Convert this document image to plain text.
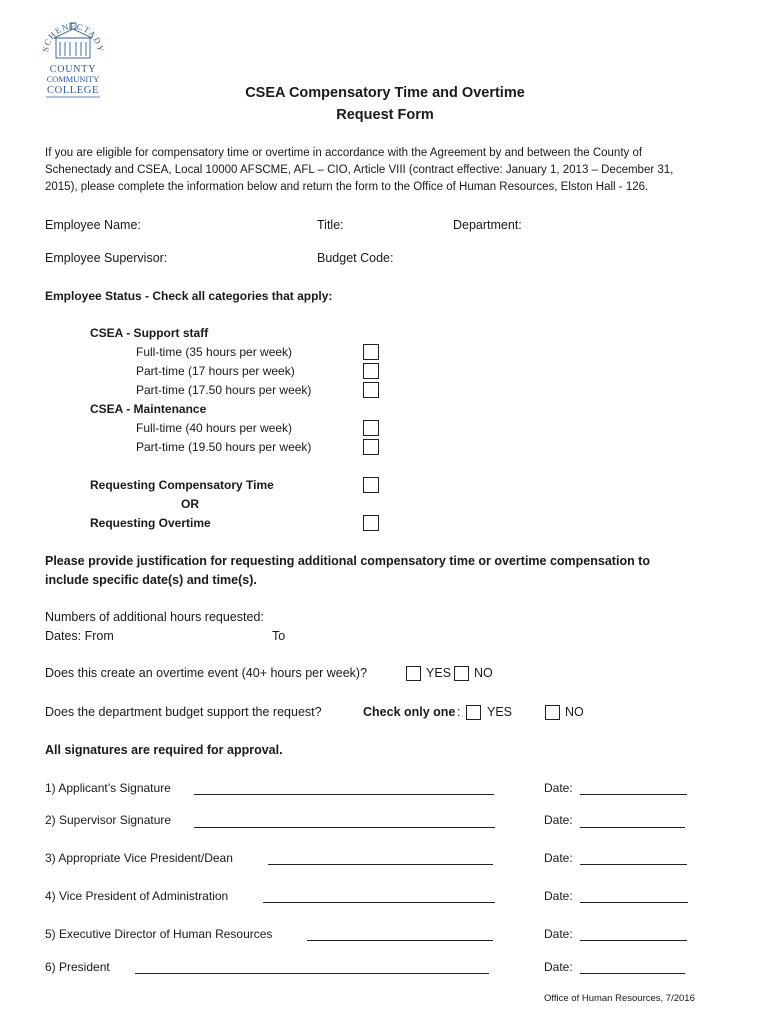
SCHENECTADY
COUNTY
COMMUNITY
COLLEGE	CSEA Compensatory Time and Overtime
Request Form
If you are eligible for compensatory time or overtime in accordance with the Agreement by and between the County of
Schenectady and CSEA, Local 10000 AFSCME, AFL – CIO, Article VIII (contract effective: January 1, 2013 – December 31,
2015), please complete the information below and return the form to the Office of Human Resources, Elston Hall - 126.
Employee Name:	Title:	Department:
Employee Supervisor:	Budget Code:
Employee Status - Check all categories that apply:
CSEA - Support staff
Full-time (35 hours per week)
Part-time (17 hours per week)
Part-time (17.50 hours per week)
CSEA - Maintenance
Full-time (40 hours per week)
Part-time (19.50 hours per week)
Requesting Compensatory Time
OR
Requesting Overtime
Please provide justification for requesting additional compensatory time or overtime compensation to
include specific date(s) and time(s).
Numbers of additional hours requested:
Dates: From	To
Does this create an overtime event (40+ hours per week)?	YES NO
Does the department budget support the request?	Check only one : YES	NO
All signatures are required for approval.
1) Applicant’s Signature	Date:
2) Supervisor Signature	Date:
3) Appropriate Vice President/Dean	Date:
4) Vice President of Administration	Date:
5) Executive Director of Human Resources	Date:
6) President	Date:
Office of Human Resources, 7/2016
